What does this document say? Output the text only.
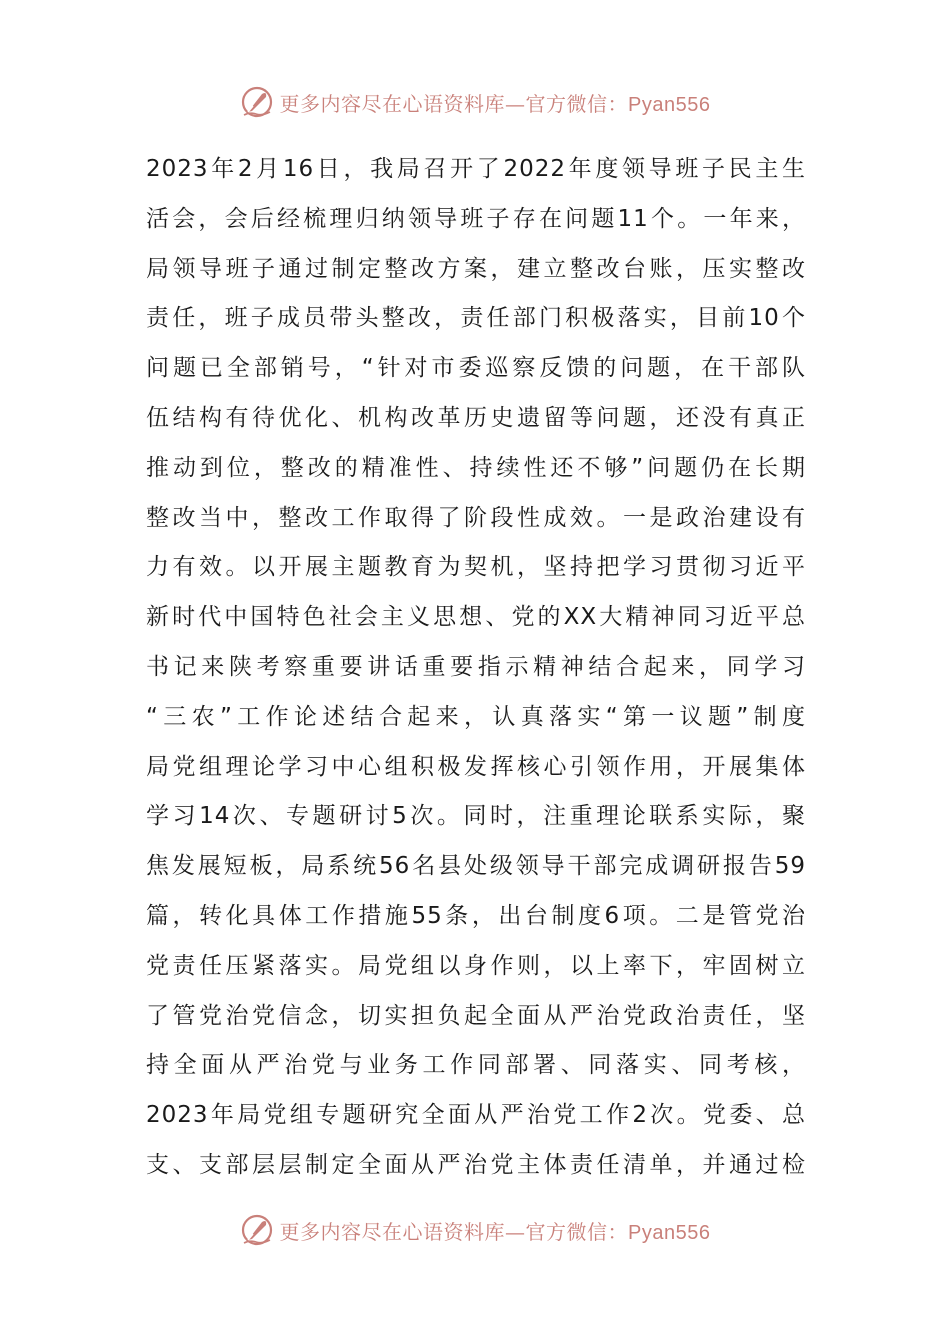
更多内容尽在心语资料库—官方微信：Pyan556
2023年2月16日，我局召开了2022年度领导班子民主生
活会，会后经梳理归纳领导班子存在问题11个。一年来，
局领导班子通过制定整改方案，建立整改台账，压实整改
责任，班子成员带头整改，责任部门积极落实，目前10个
问题已全部销号，“针对市委巡察反馈的问题，在干部队
伍结构有待优化、机构改革历史遗留等问题，还没有真正
推动到位，整改的精准性、持续性还不够”问题仍在长期
整改当中，整改工作取得了阶段性成效。一是政治建设有
力有效。以开展主题教育为契机，坚持把学习贯彻习近平
新时代中国特色社会主义思想、党的XX大精神同习近平总
书记来陕考察重要讲话重要指示精神结合起来，同学习
“三农”工作论述结合起来，认真落实“第一议题”制度
局党组理论学习中心组积极发挥核心引领作用，开展集体
学习14次、专题研讨5次。同时，注重理论联系实际，聚
焦发展短板，局系统56名县处级领导干部完成调研报告59
篇，转化具体工作措施55条，出台制度6项。二是管党治
党责任压紧落实。局党组以身作则，以上率下，牢固树立
了管党治党信念，切实担负起全面从严治党政治责任，坚
持全面从严治党与业务工作同部署、同落实、同考核，
2023年局党组专题研究全面从严治党工作2次。党委、总
支、支部层层制定全面从严治党主体责任清单，并通过检
更多内容尽在心语资料库—官方微信：Pyan556
